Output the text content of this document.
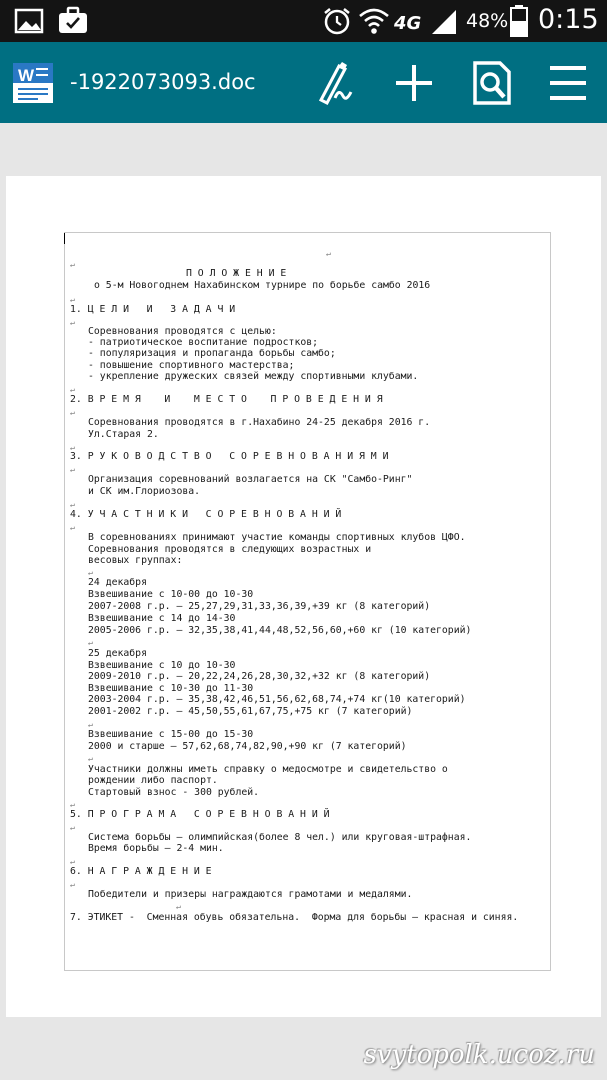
4G 48% 0:15
W -1922073093.doc
↵
↵
П О Л О Ж Е Н И Е
о 5-м Новогоднем Нахабинском турнире по борьбе самбо 2016
↵
1. Ц Е Л И   И   З А Д А Ч И
↵
Соревнования проводятся с целью:
- патриотическое воспитание подростков;
- популяризация и пропаганда борьбы самбо;
- повышение спортивного мастерства;
- укрепление дружеских связей между спортивными клубами.
↵
2. В Р Е М Я    И    М Е С Т О    П Р О В Е Д Е Н И Я
↵
Соревнования проводятся в г.Нахабино 24-25 декабря 2016 г.
Ул.Старая 2.
↵
3. Р У К О В О Д С Т В О   С О Р Е В Н О В А Н И Я М И
↵
Организация соревнований возлагается на СК "Самбо-Ринг"
и СК им.Глориозова.
↵
4. У Ч А С Т Н И К И   С О Р Е В Н О В А Н И Й
↵
В соревнованиях принимают участие команды спортивных клубов ЦФО.
Соревнования проводятся в следующих возрастных и
весовых группах:
↵
24 декабря
Взвешивание с 10-00 до 10-30
2007-2008 г.р. – 25,27,29,31,33,36,39,+39 кг (8 категорий)
Взвешивание с 14 до 14-30
2005-2006 г.р. – 32,35,38,41,44,48,52,56,60,+60 кг (10 категорий)
↵
25 декабря
Взвешивание с 10 до 10-30
2009-2010 г.р. – 20,22,24,26,28,30,32,+32 кг (8 категорий)
Взвешивание с 10-30 до 11-30
2003-2004 г.р. – 35,38,42,46,51,56,62,68,74,+74 кг(10 категорий)
2001-2002 г.р. – 45,50,55,61,67,75,+75 кг (7 категорий)
↵
Взвешивание с 15-00 до 15-30
2000 и старше – 57,62,68,74,82,90,+90 кг (7 категорий)
↵
Участники должны иметь справку о медосмотре и свидетельство о
рождении либо паспорт.
Стартовый взнос - 300 рублей.
↵
5. П Р О Г Р А М А   С О Р Е В Н О В А Н И Й
↵
Система борьбы – олимпийская(более 8 чел.) или круговая-штрафная.
Время борьбы – 2-4 мин.
↵
6. Н А Г Р А Ж Д Е Н И Е
↵
Победители и призеры награждаются грамотами и медалями.
↵
7. ЭТИКЕТ -  Сменная обувь обязательна.  Форма для борьбы – красная и синяя.
svytopolk.ucoz.ru
